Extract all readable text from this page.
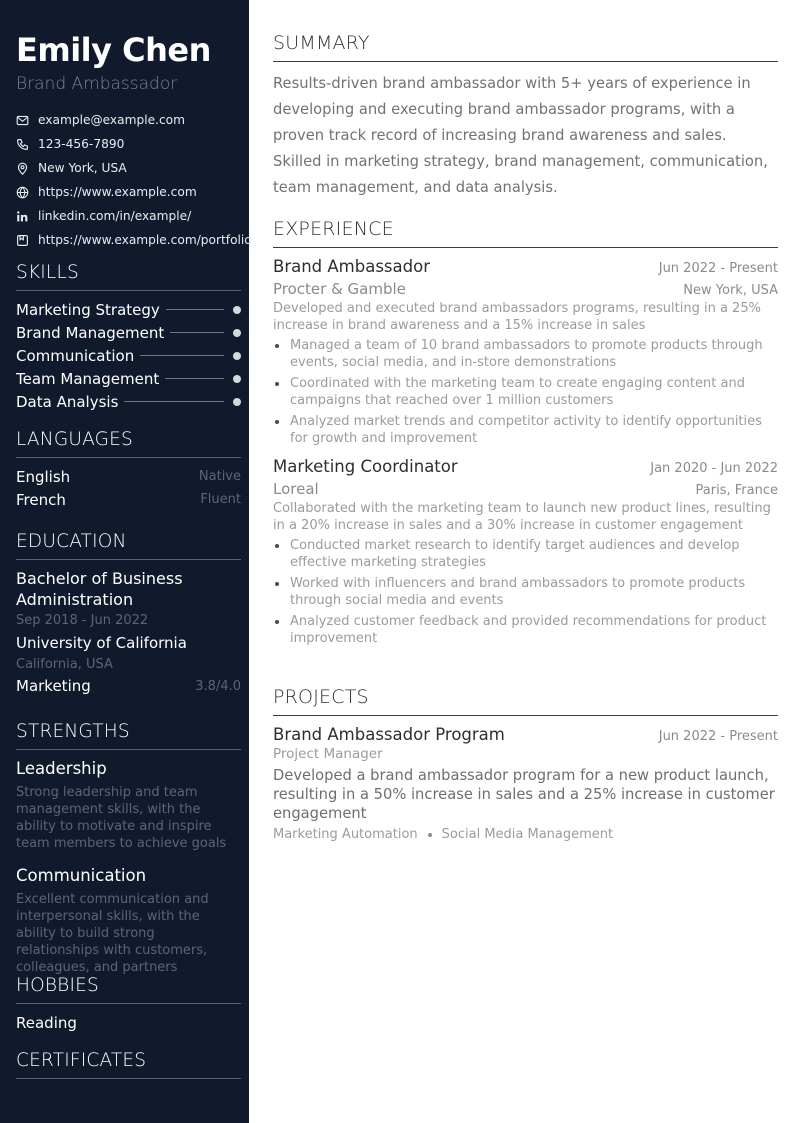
Emily Chen
Brand Ambassador
example@example.com
123-456-7890
New York, USA
https://www.example.com
linkedin.com/in/example/
https://www.example.com/portfolio
SKILLS
Marketing Strategy
Brand Management
Communication
Team Management
Data Analysis
LANGUAGES
English	Native
French	Fluent
EDUCATION
Bachelor of Business Administration
Sep 2018 - Jun 2022
University of California
California, USA
Marketing	3.8/4.0
STRENGTHS
Leadership
Strong leadership and team management skills, with the ability to motivate and inspire team members to achieve goals
Communication
Excellent communication and interpersonal skills, with the ability to build strong relationships with customers, colleagues, and partners
HOBBIES
Reading
CERTIFICATES
SUMMARY

Results-driven brand ambassador with 5+ years of experience in developing and executing brand ambassador programs, with a proven track record of increasing brand awareness and sales. Skilled in marketing strategy, brand management, communication, team management, and data analysis.

EXPERIENCE
Brand Ambassador	Jun 2022 - Present
Procter & Gamble	New York, USA
Developed and executed brand ambassadors programs, resulting in a 25% increase in brand awareness and a 15% increase in sales
Managed a team of 10 brand ambassadors to promote products through events, social media, and in-store demonstrations
Coordinated with the marketing team to create engaging content and campaigns that reached over 1 million customers
Analyzed market trends and competitor activity to identify opportunities for growth and improvement
Marketing Coordinator	Jan 2020 - Jun 2022
Loreal	Paris, France
Collaborated with the marketing team to launch new product lines, resulting in a 20% increase in sales and a 30% increase in customer engagement
Conducted market research to identify target audiences and develop effective marketing strategies
Worked with influencers and brand ambassadors to promote products through social media and events
Analyzed customer feedback and provided recommendations for product improvement
PROJECTS
Brand Ambassador Program	Jun 2022 - Present
Project Manager
Developed a brand ambassador program for a new product launch, resulting in a 50% increase in sales and a 25% increase in customer engagement
Marketing Automation Social Media Management
